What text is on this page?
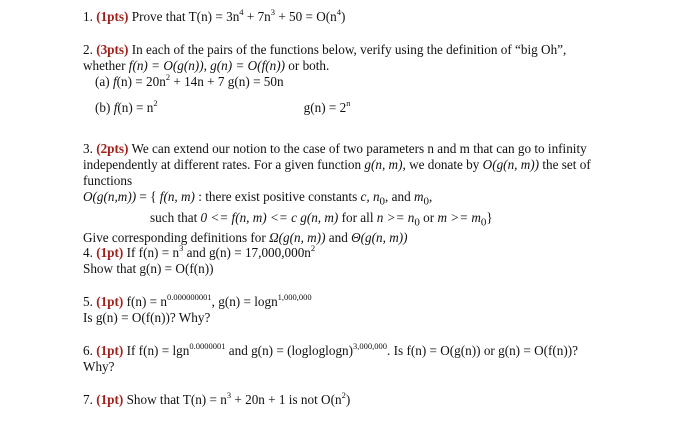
1. (1pts) Prove that $T(n) = 3n^4 + 7n^3 + 50 = O(n^4)$
2. (3pts) In each of the pairs of the functions below, verify using the definition of “big Oh”,
whether f(n) = O(g(n)), g(n) = O(f(n)) or both.
(a) $f(n) = 20n^2 + 14n + 7$ g(n) = 50n
(b) $f(n) = n^2$	$g(n) = 2^n$
3. (2pts) We can extend our notion to the case of two parameters n and m that can go to infinity
independently at different rates. For a given function g(n, m), we donate by O(g(n, m)) the set of
functions
O(g(n,m)) = { f(n, m) : there exist positive constants c, $n_0$, and $m_0$,
such that 0 <= f(n, m) <= c g(n, m) for all $n >= n_0$ or $m >= m_0$}
Give corresponding definitions for Ω(g(n, m)) and Θ(g(n, m))
4. (1pt) If $f(n) = n^3$ and $g(n) = 17,000,000n^2$
Show that g(n) = O(f(n))
5. (1pt) $f(n) = n^{0.000000001}$, g(n) = logn$^{1,000,000}$
Is g(n) = O(f(n))? Why?
6. (1pt) If f(n) = lgn$^{0.0000001}$ and g(n) = (logloglogn)$^{3,000,000}$. Is f(n) = O(g(n)) or g(n) = O(f(n))?
Why?
7. (1pt) Show that $T(n) = n^3 + 20n + 1$ is not $O(n^2)$
